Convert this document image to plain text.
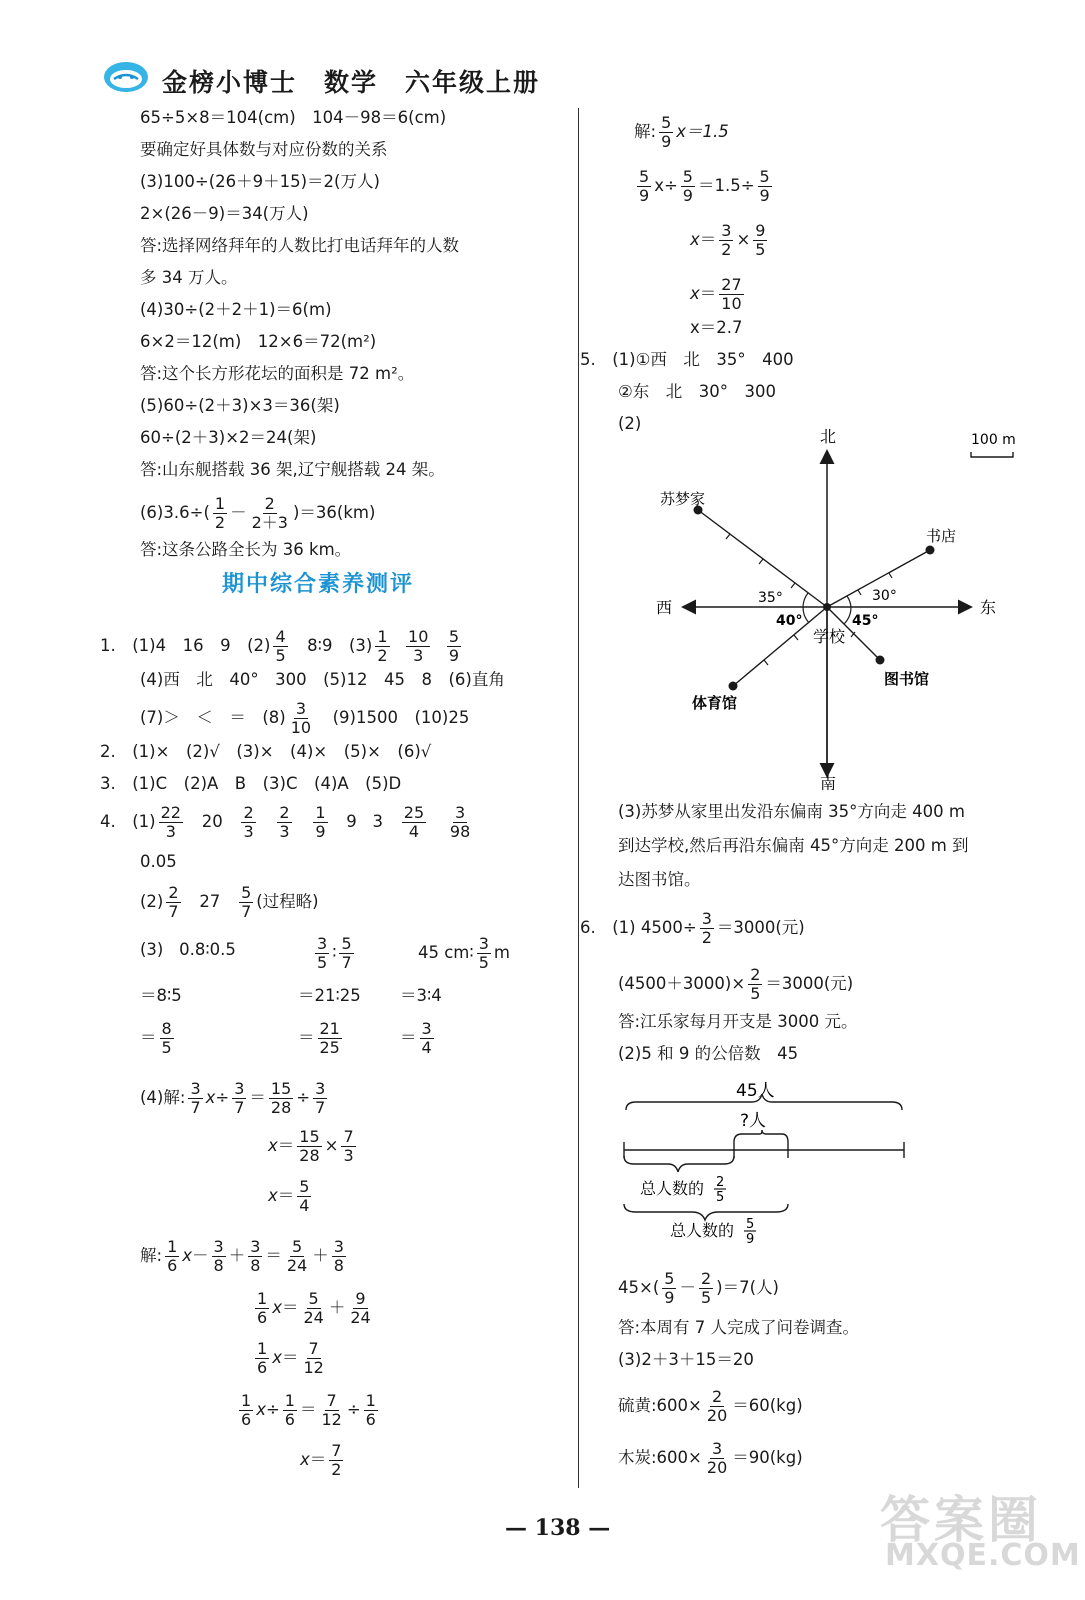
金榜小博士　数学　六年级上册
65÷5×8＝104(cm)　104－98＝6(cm)
要确定好具体数与对应份数的关系
(3)100÷(26＋9＋15)＝2(万人)
2×(26－9)＝34(万人)
答:选择网络拜年的人数比打电话拜年的人数
多 34 万人。
(4)30÷(2＋2＋1)＝6(m)
6×2＝12(m)　12×6＝72(m²)
答:这个长方形花坛的面积是 72 m²。
(5)60÷(2＋3)×3＝36(架)
60÷(2＋3)×2＝24(架)
答:山东舰搭载 36 架,辽宁舰搭载 24 架。
$(6)3.6\div( \frac{1}{2} - \frac{2}{2+3} )=36(km)$
答:这条公路全长为 36 km。
期中综合素养测评
1.　(1)4　16　9　$(2) \frac{4}{5}$ 　8∶9　$(3) \frac{1}{2}$
$\frac{10}{3}$
$\frac{5}{9}$
(4)西　北　40°　300　(5)12　45　8　(6)直角
(7)＞　＜　＝　$(8) \frac{3}{10}$ 　(9)1500　(10)25
2.　(1)×　(2)√　(3)×　(4)×　(5)×　(6)√
3.　(1)C　(2)A　B　(3)C　(4)A　(5)D
4.　$(1) \frac{22}{3} 20 \frac{2}{3}$
$\frac{2}{3}$
$\frac{1}{9} 9$ $3 \frac{25}{4}$
$\frac{3}{98}$
0.05
$(2) \frac{2}{7} 27 \frac{5}{7}$ (过程略)
(3) 0.8∶0.5	$\frac{3}{5}$ ∶ $\frac{5}{7}$	45 cm∶ $\frac{3}{5}$ m
＝8∶5	＝21∶25 ＝3∶4
＝ $\frac{8}{5}$	＝ $\frac{21}{25}$	＝ $\frac{3}{4}$
(4)解: $\frac{3}{7} x\div \frac{3}{7} = \frac{15}{28} \div \frac{3}{7}$
$x= \frac{15}{28} \times \frac{7}{3}$
$x= \frac{5}{4}$
解: $\frac{1}{6} x- \frac{3}{8} + \frac{3}{8} = \frac{5}{24} + \frac{3}{8}$
$\frac{1}{6} x= \frac{5}{24} + \frac{9}{24}$
$\frac{1}{6} x= \frac{7}{12}$
$\frac{1}{6} x\div \frac{1}{6} = \frac{7}{12} \div \frac{1}{6}$
$x= \frac{7}{2}$
解: $\frac{5}{9} x=1.5$
$\frac{5}{9} x\div \frac{5}{9} =1.5\div \frac{5}{9}$
$x= \frac{3}{2} \times \frac{9}{5}$
$x= \frac{27}{10}$
x＝2.7
5.　(1)①西　北　35°　400
②东　北　30°　300
(2)
北
南
西	东
100 m
苏梦家
书店
图书馆
体育馆
学校
35°	30°
40°	45°
(3)苏梦从家里出发沿东偏南 35°方向走 400 m
到达学校,然后再沿东偏南 45°方向走 200 m 到
达图书馆。
6.　(1) $4500\div \frac{3}{2} =3000$(元)
$(4500+3000)\times \frac{2}{5} =3000$(元)
答:江乐家每月开支是 3000 元。
(2)5 和 9 的公倍数　45
45人
?人
总人数的 2
5
总人数的 5
9
$45\times( \frac{5}{9} - \frac{2}{5} )=7$(人)
答:本周有 7 人完成了问卷调查。
(3)2＋3＋15＝20
硫黄:600× $\frac{2}{20} =60(kg)$
木炭:600× $\frac{3}{20} =90(kg)$
— 138 —	答案圈
MXQE.COM
